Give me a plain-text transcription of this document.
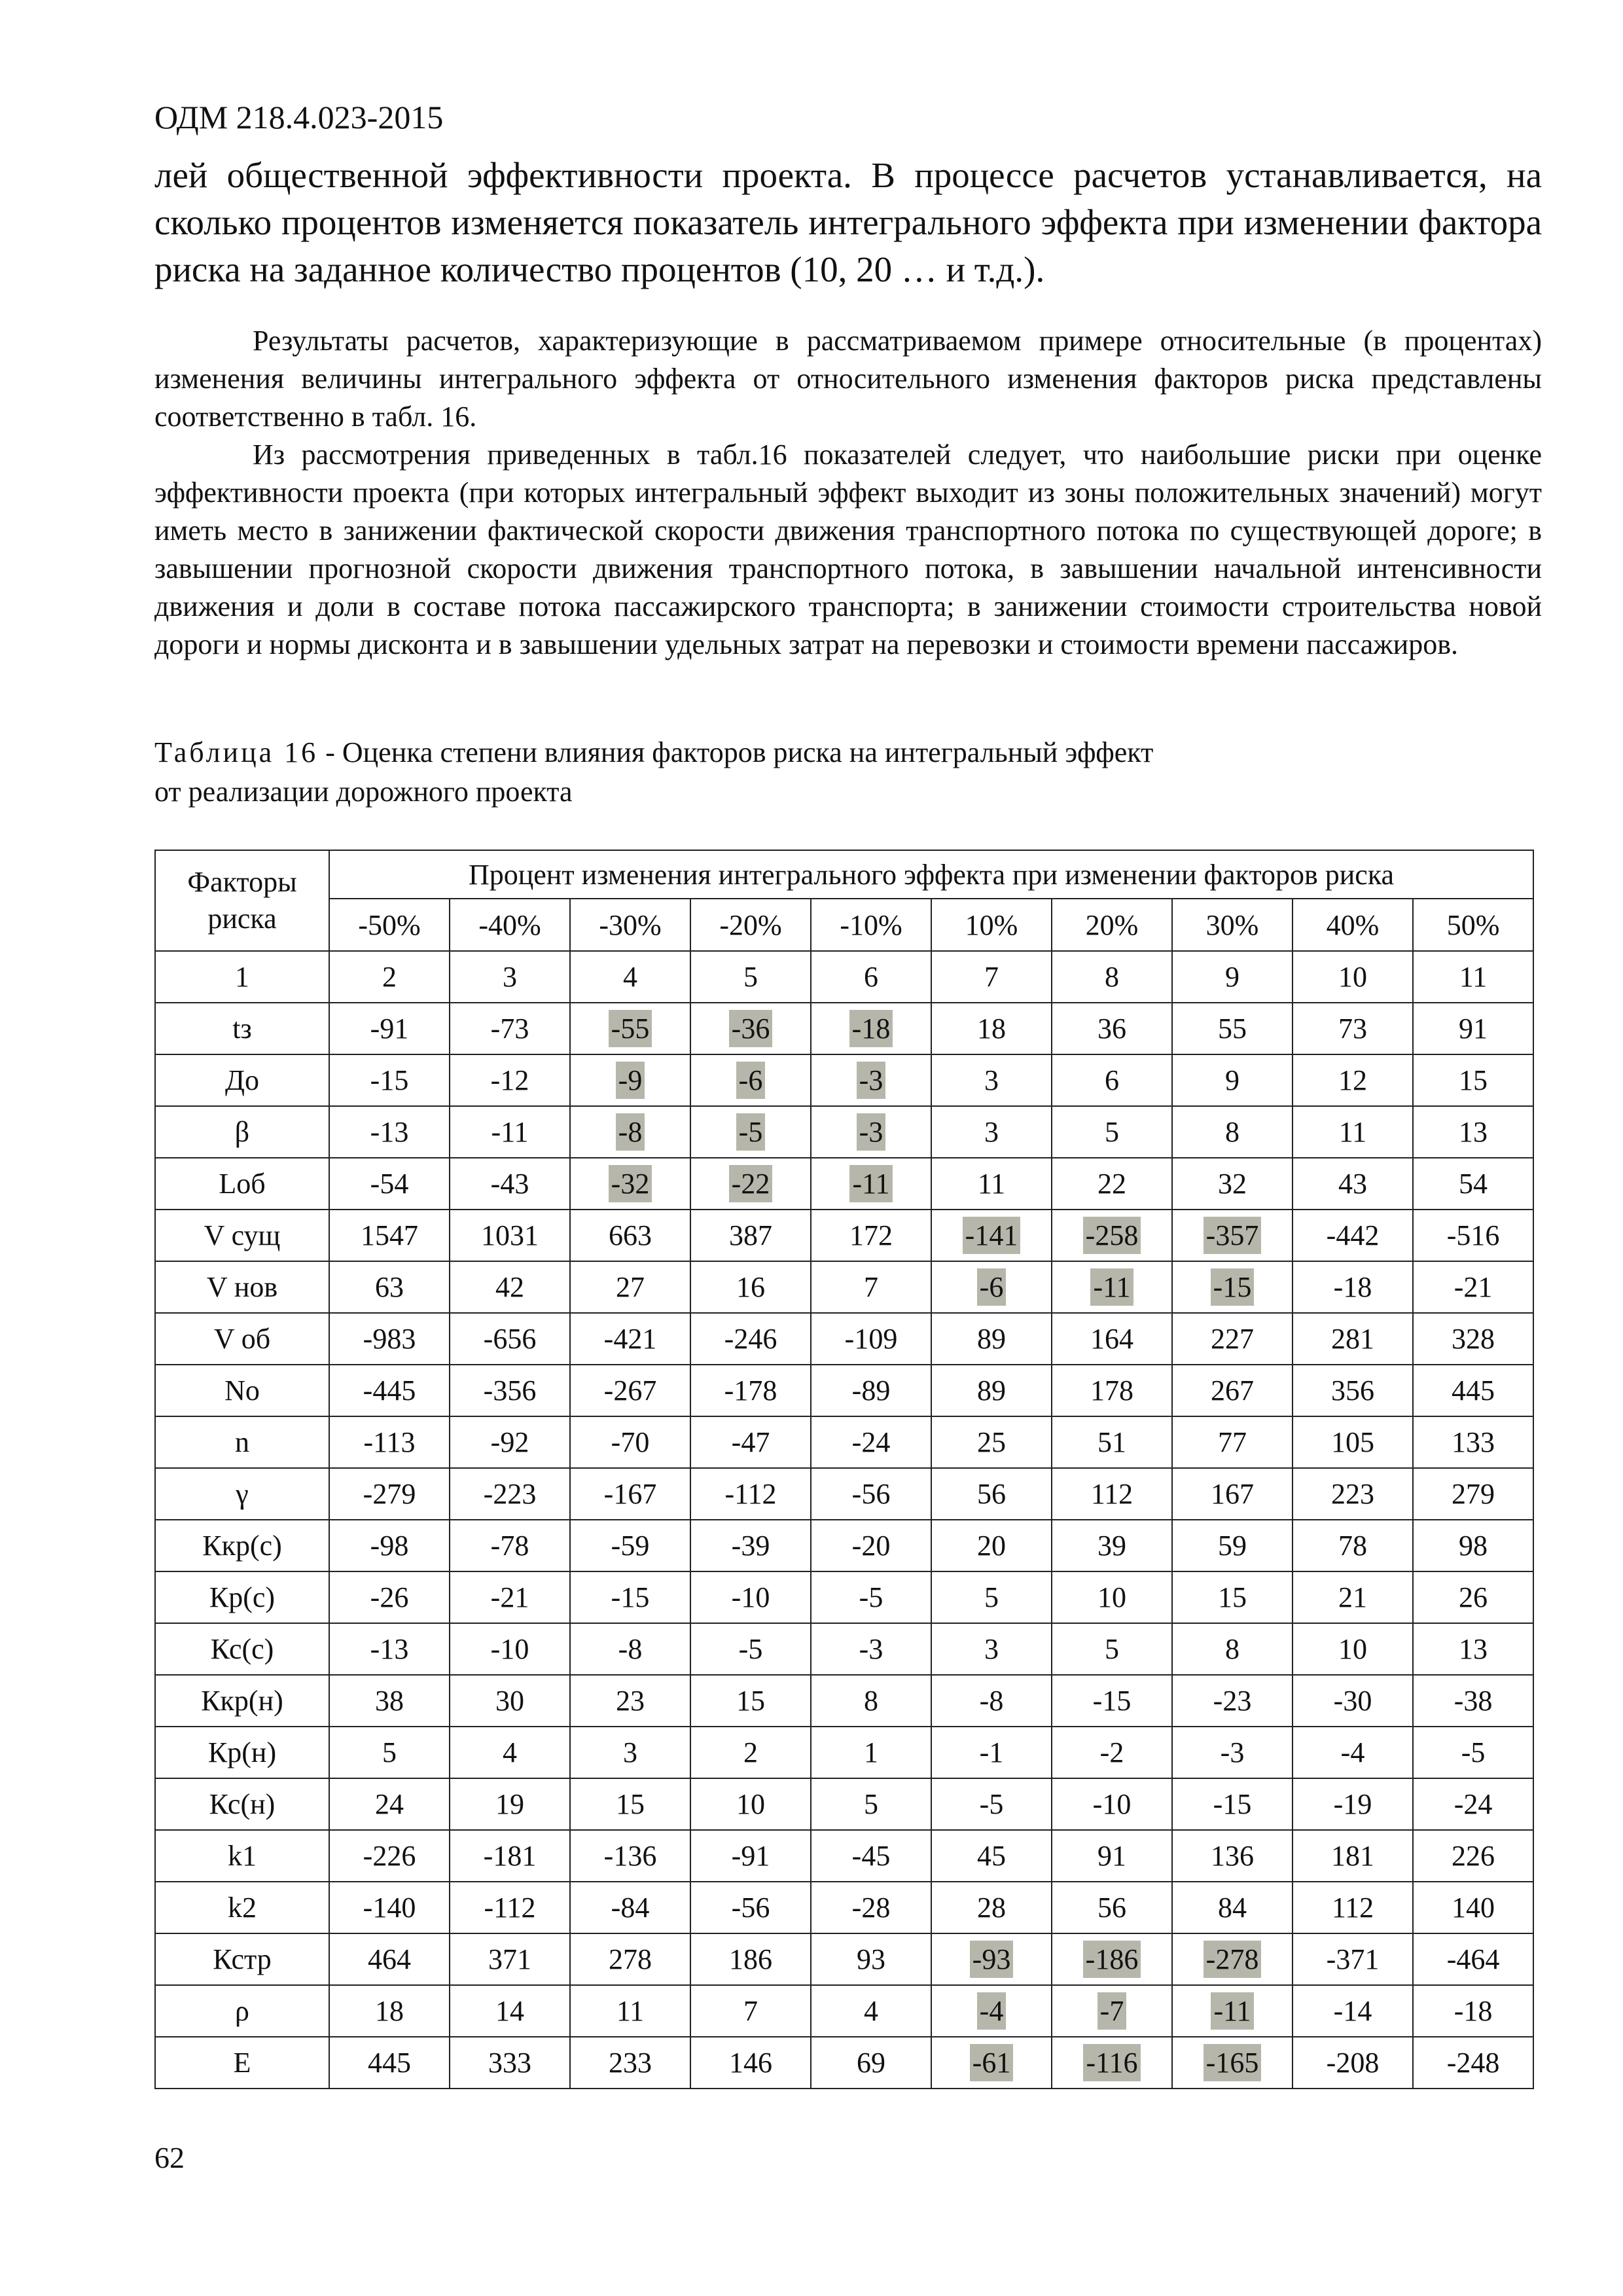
ОДМ 218.4.023-2015
лей общественной эффективности проекта. В процессе расчетов устанавливается, на сколько процентов изменяется показатель интегрального эффекта при изменении фактора риска на заданное количество процентов (10, 20 … и т.д.).

Результаты расчетов, характеризующие в рассматриваемом примере относительные (в процентах) изменения величины интегрального эффекта от относительного изменения факторов риска представлены соответственно в табл. 16.

Из рассмотрения приведенных в табл.16 показателей следует, что наибольшие риски при оценке эффективности проекта (при которых интегральный эффект выходит из зоны положительных значений) могут иметь место в занижении фактической скорости движения транспортного потока по существующей дороге; в завышении прогнозной скорости движения транспортного потока, в завышении начальной интенсивности движения и доли в составе потока пассажирского транспорта; в занижении стоимости строительства новой дороги и нормы дисконта и в завышении удельных затрат на перевозки и стоимости времени пассажиров.

Таблица 16 - Оценка степени влияния факторов риска на интегральный эффект
от реализации дорожного проекта
Факторы риска	Процент изменения интегрального эффекта при изменении факторов риска									
	-50%	-40%	-30%	-20%	-10%	10%	20%	30%	40%	50%
1	2	3	4	5	6	7	8	9	10	11
tз	-91	-73	-55	-36	-18	18	36	55	73	91
До	-15	-12	-9	-6	-3	3	6	9	12	15
β	-13	-11	-8	-5	-3	3	5	8	11	13
Lоб	-54	-43	-32	-22	-11	11	22	32	43	54
V сущ	1547	1031	663	387	172	-141	-258	-357	-442	-516
V нов	63	42	27	16	7	-6	-11	-15	-18	-21
V об	-983	-656	-421	-246	-109	89	164	227	281	328
No	-445	-356	-267	-178	-89	89	178	267	356	445
n	-113	-92	-70	-47	-24	25	51	77	105	133
γ	-279	-223	-167	-112	-56	56	112	167	223	279
Ккр(с)	-98	-78	-59	-39	-20	20	39	59	78	98
Кр(с)	-26	-21	-15	-10	-5	5	10	15	21	26
Кс(с)	-13	-10	-8	-5	-3	3	5	8	10	13
Ккр(н)	38	30	23	15	8	-8	-15	-23	-30	-38
Кр(н)	5	4	3	2	1	-1	-2	-3	-4	-5
Кс(н)	24	19	15	10	5	-5	-10	-15	-19	-24
k1	-226	-181	-136	-91	-45	45	91	136	181	226
k2	-140	-112	-84	-56	-28	28	56	84	112	140
Кстр	464	371	278	186	93	-93	-186	-278	-371	-464
ρ	18	14	11	7	4	-4	-7	-11	-14	-18
E	445	333	233	146	69	-61	-116	-165	-208	-248
62
